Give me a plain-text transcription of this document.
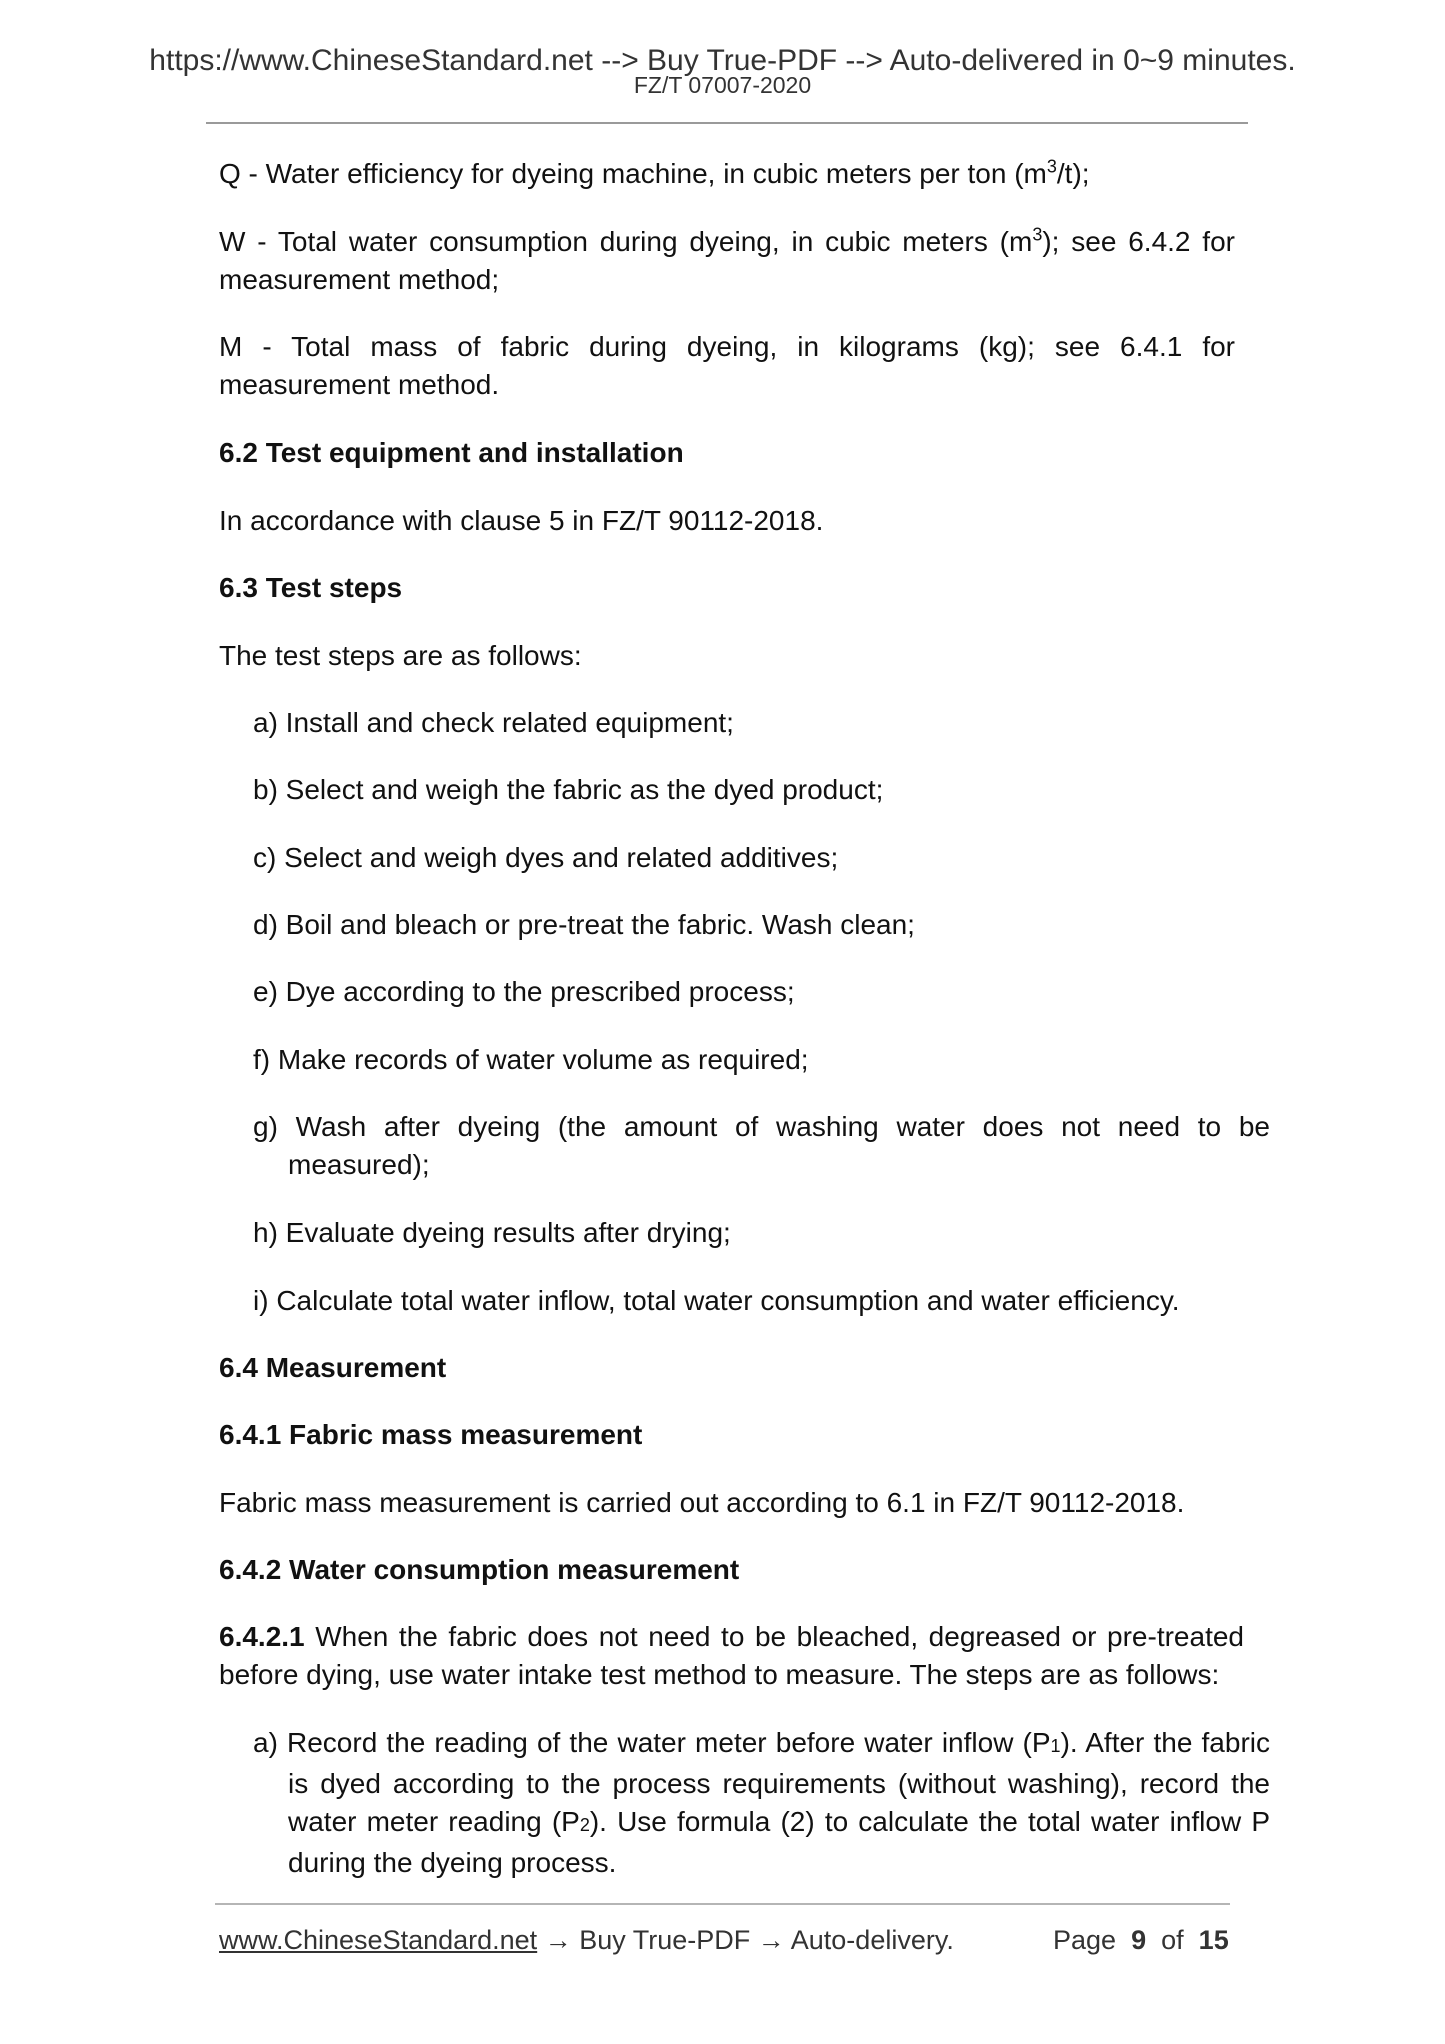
https://www.ChineseStandard.net --> Buy True-PDF --> Auto-delivered in 0~9 minutes.
FZ/T 07007-2020

Q - Water efficiency for dyeing machine, in cubic meters per ton $(m^3/t)$;

W - Total water consumption during dyeing, in cubic meters $(m^3)$; see 6.4.2 for measurement method;

M - Total mass of fabric during dyeing, in kilograms (kg); see 6.4.1 for measurement method.

6.2 Test equipment and installation

In accordance with clause 5 in FZ/T 90112-2018.

6.3 Test steps

The test steps are as follows:

a) Install and check related equipment;

b) Select and weigh the fabric as the dyed product;

c) Select and weigh dyes and related additives;

d) Boil and bleach or pre-treat the fabric. Wash clean;

e) Dye according to the prescribed process;

f) Make records of water volume as required;

g) Wash after dyeing (the amount of washing water does not need to be measured);

h) Evaluate dyeing results after drying;

i) Calculate total water inflow, total water consumption and water efficiency.

6.4 Measurement

6.4.1 Fabric mass measurement

Fabric mass measurement is carried out according to 6.1 in FZ/T 90112-2018.

6.4.2 Water consumption measurement

6.4.2.1 When the fabric does not need to be bleached, degreased or pre-treated before dying, use water intake test method to measure. The steps are as follows:

a) Record the reading of the water meter before water inflow (P1). After the fabric is dyed according to the process requirements (without washing), record the water meter reading (P2). Use formula (2) to calculate the total water inflow P during the dyeing process.

www.ChineseStandard.net → Buy True-PDF → Auto-delivery.	Page 9 of 15
